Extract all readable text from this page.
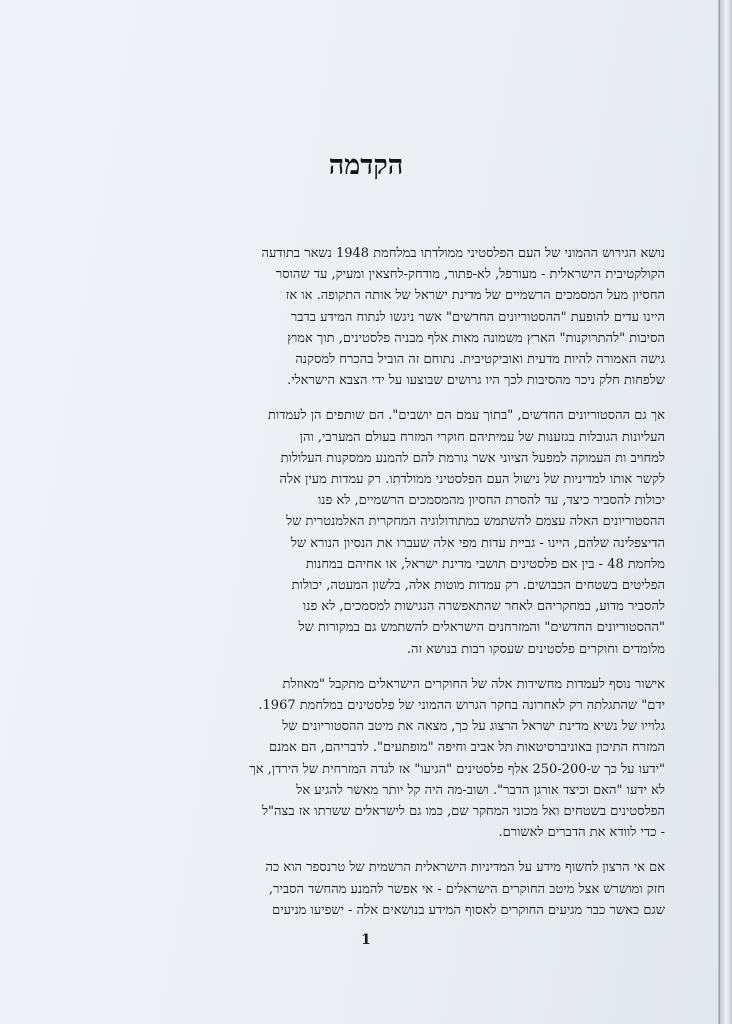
הקדמה

נושא הגירוש ההמוני של העם הפלסטיני ממולדתו במלחמת 1948 נשאר בתודעה
הקולקטיבית הישראלית - מעורפל, לא-פתור, מודחק-לחצאין ומעיק, עד שהוסר
החסיון מעל המסמכים הרשמיים של מדינת ישראל של אותה התקופה. או אז
היינו עדים להופעת "ההסטוריונים החדשים" אשר ניגשו לנתוח המידע בדבר
הסיבות "להתרוקנות" הארץ משמונה מאות אלף מבניה פלסטינים, תוך אמוץ
גישה האמורה להיות מדעית ואוביקטיבית. נתוחם זה הוביל בהכרח למסקנה
שלפחות חלק ניכר מהסיבות לכך היו גרושים שבוצעו על ידי הצבא הישראלי.

אך גם ההסטוריונים החדשים, "בתוך עמם הם יושבים". הם שותפים הן לעמדות
העליונות הגובלות בגזענות של עמיתיהם חוקרי המזרח בעולם המערבי, והן
למחויב ות העמוקה למפעל הציוני אשר גורמת להם להמנע ממסקנות העלולות
לקשר אותו למדיניות של נישול העם הפלסטיני ממולדתו. רק עמדות מעין אלה
יכולות להסביר כיצד, עד להסרת החסיון מהמסמכים הרשמיים, לא פנו
ההסטוריונים האלה עצמם להשתמש במתודולוגיה המחקרית האלמנטרית של
הדיצפלינה שלהם, היינו - גביית עדות מפי אלה שעברו את הנסיון הנורא של
מלחמת 48 - בין אם פלסטינים תושבי מדינת ישראל, או אחיהם במחנות
הפליטים בשטחים הכבושים. רק עמדות מוטות אלה, בלשון המעטה, יכולות
להסביר מדוע, במחקריהם לאחר שהתאפשרה הנגישות למסמכים, לא פנו
"ההסטוריונים החדשים" והמזרחנים הישראלים להשתמש גם במקורות של
מלומדים וחוקרים פלסטינים שעסקו רבות בנושא זה.

אישור נוסף לעמדות מחשידות אלה של החוקרים הישראלים מתקבל "מאוזלת
ידם" שהתגלתה רק לאחרונה בחקר הגרוש ההמוני של פלסטינים במלחמת 1967.
גלוייו של נשיא מדינת ישראל הרצוג על כך, מצאה את מיטב ההסטוריונים של
המזרח התיכון באוניברסיטאות תל אביב וחיפה "מופתעים". לדבריהם, הם אמנם
"ידעו על כך ש-250-200 אלף פלסטינים "הגיעו" אז לגדה המזרחית של הירדן, אך
לא ידעו "האם וכיצד אורגן הדבר". ושוב-מה היה קל יותר מאשר להגיע אל
הפלסטינים בשטחים ואל מכוני המחקר שם, כמו גם לישראלים ששרתו אז בצה"ל
- כדי לוודא את הדברים לאשורם.

אם אי הרצון לחשוף מידע על המדיניות הישראלית הרשמית של טרנספר הוא כה
חזק ומושרש אצל מיטב החוקרים הישראלים - אי אפשר להמנע מהחשד הסביר,
שגם כאשר כבר מגיעים החוקרים לאסוף המידע בנושאים אלה - ישפיעו מניעים

1
